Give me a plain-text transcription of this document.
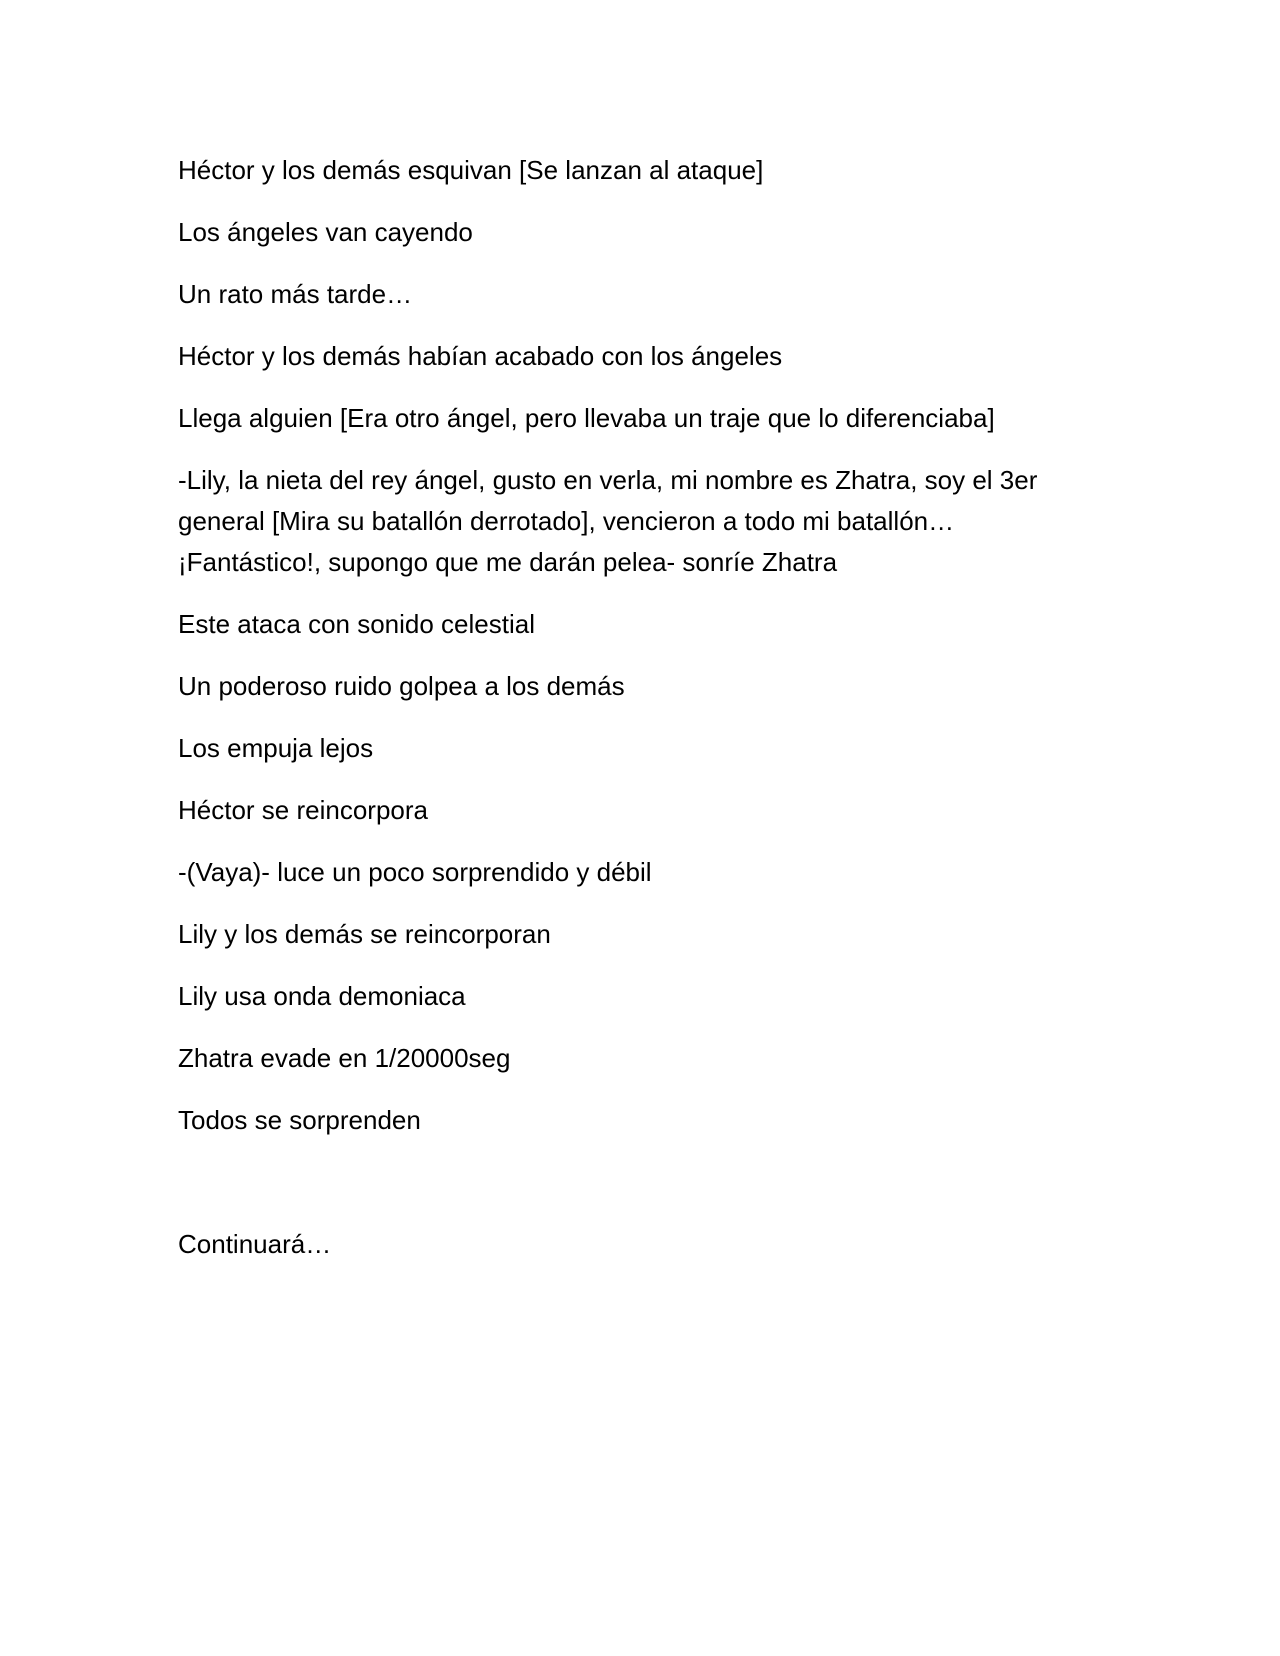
Héctor y los demás esquivan [Se lanzan al ataque]

Los ángeles van cayendo

Un rato más tarde…

Héctor y los demás habían acabado con los ángeles

Llega alguien [Era otro ángel, pero llevaba un traje que lo diferenciaba]

-Lily, la nieta del rey ángel, gusto en verla, mi nombre es Zhatra, soy el 3er
general [Mira su batallón derrotado], vencieron a todo mi batallón…
¡Fantástico!, supongo que me darán pelea- sonríe Zhatra

Este ataca con sonido celestial

Un poderoso ruido golpea a los demás

Los empuja lejos

Héctor se reincorpora

-(Vaya)- luce un poco sorprendido y débil

Lily y los demás se reincorporan

Lily usa onda demoniaca

Zhatra evade en 1/20000seg

Todos se sorprenden

Continuará…
